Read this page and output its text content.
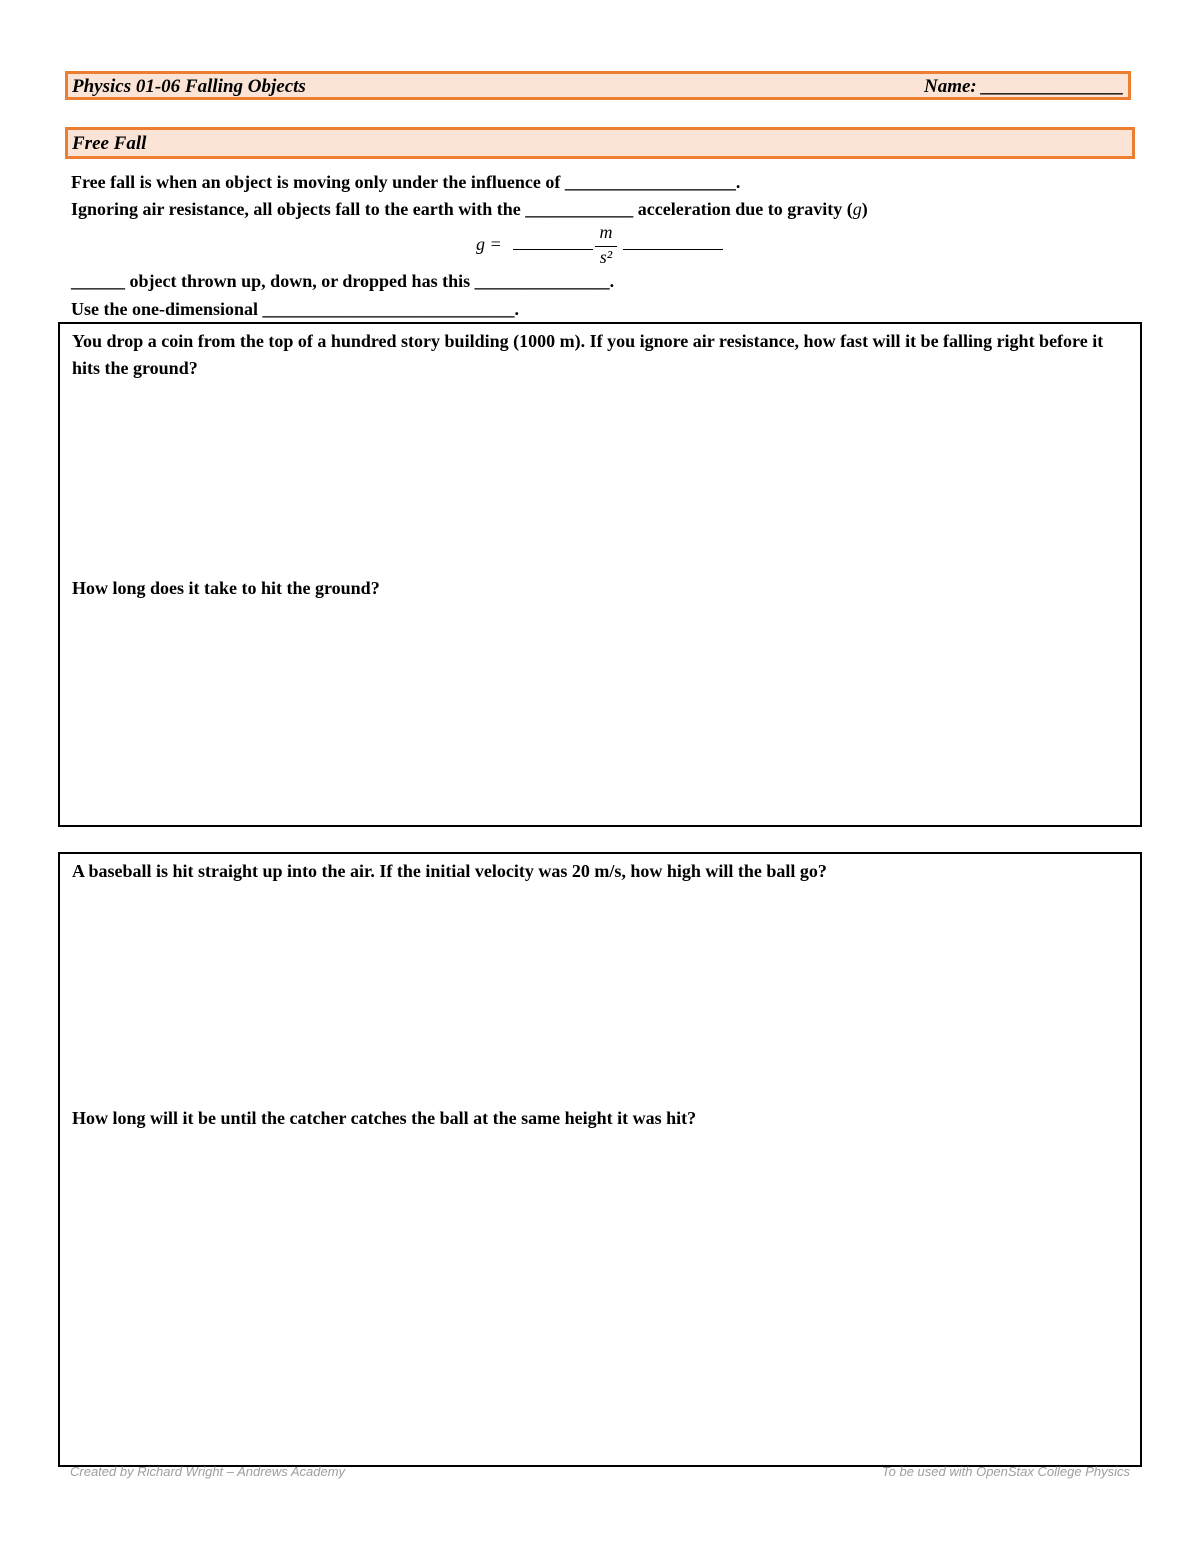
Physics 01-06 Falling Objects	Name: _______________
Free Fall
Free fall is when an object is moving only under the influence of ___________________.
Ignoring air resistance, all objects fall to the earth with the ____________ acceleration due to gravity (g)
g =
m
s²
______ object thrown up, down, or dropped has this _______________.
Use the one-dimensional ____________________________.
You drop a coin from the top of a hundred story building (1000 m). If you ignore air resistance, how fast will it be falling right before it hits the ground?
How long does it take to hit the ground?
A baseball is hit straight up into the air. If the initial velocity was 20 m/s, how high will the ball go?
How long will it be until the catcher catches the ball at the same height it was hit?
Created by Richard Wright – Andrews Academy	To be used with OpenStax College Physics
